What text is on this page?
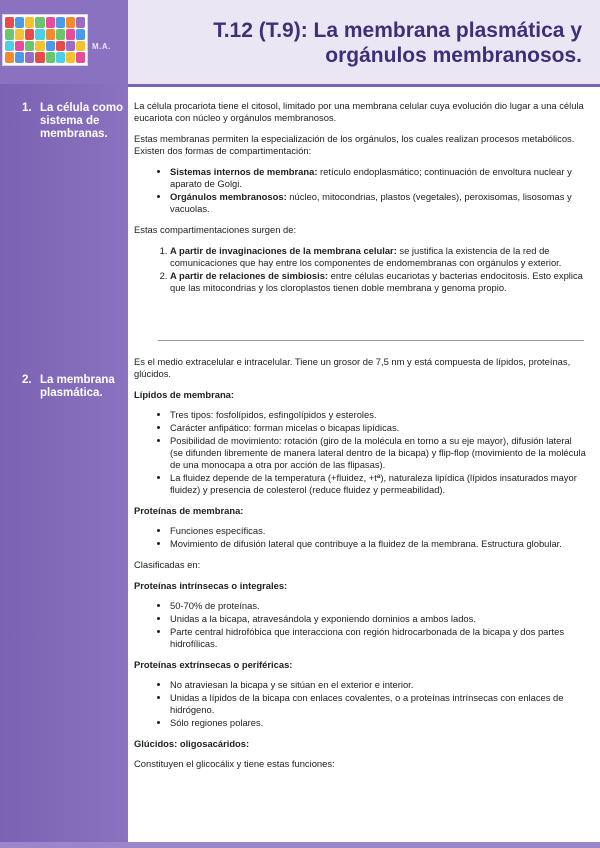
M.A.
T.12 (T.9): La membrana plasmática y
orgánulos membranosos.
1. La célula como sistema de membranas.
2. La membrana plasmática.

La célula procariota tiene el citosol, limitado por una membrana celular cuya evolución dio lugar a una célula eucariota con núcleo y orgánulos membranosos.

Estas membranas permiten la especialización de los orgánulos, los cuales realizan procesos metabólicos. Existen dos formas de compartimentación:

• Sistemas internos de membrana: retículo endoplasmático; continuación de envoltura nuclear y aparato de Golgi.
• Orgánulos membranosos: núcleo, mitocondrias, plastos (vegetales), peroxisomas, lisosomas y vacuolas.

Estas compartimentaciones surgen de:

1. A partir de invaginaciones de la membrana celular: se justifica la existencia de la red de comunicaciones que hay entre los componentes de endomembranas con orgánulos y exterior.
2. A partir de relaciones de simbiosis: entre células eucariotas y bacterias endocitosis. Esto explica que las mitocondrias y los cloroplastos tienen doble membrana y genoma propio.

Es el medio extracelular e intracelular. Tiene un grosor de 7,5 nm y está compuesta de lípidos, proteínas, glúcidos.

Lípidos de membrana:
• Tres tipos: fosfolípidos, esfingolípidos y esteroles.
• Carácter anfipático: forman micelas o bicapas lipídicas.
• Posibilidad de movimiento: rotación (giro de la molécula en torno a su eje mayor), difusión lateral (se difunden libremente de manera lateral dentro de la bicapa) y flip-flop (movimiento de la molécula de una monocapa a otra por acción de las flipasas).
• La fluidez depende de la temperatura (+fluidez, +tª), naturaleza lipídica (lípidos insaturados mayor fluidez) y presencia de colesterol (reduce fluidez y permeabilidad).
Proteínas de membrana:
• Funciones específicas.
• Movimiento de difusión lateral que contribuye a la fluidez de la membrana. Estructura globular.

Clasificadas en:

Proteínas intrínsecas o integrales:
• 50-70% de proteínas.
• Unidas a la bicapa, atravesándola y exponiendo dominios a ambos lados.
• Parte central hidrofóbica que interacciona con región hidrocarbonada de la bicapa y dos partes hidrofílicas.
Proteínas extrínsecas o periféricas:
• No atraviesan la bicapa y se sitúan en el exterior e interior.
• Unidas a lípidos de la bicapa con enlaces covalentes, o a proteínas intrínsecas con enlaces de hidrógeno.
• Sólo regiones polares.
Glúcidos: oligosacáridos:

Constituyen el glicocálix y tiene estas funciones:
